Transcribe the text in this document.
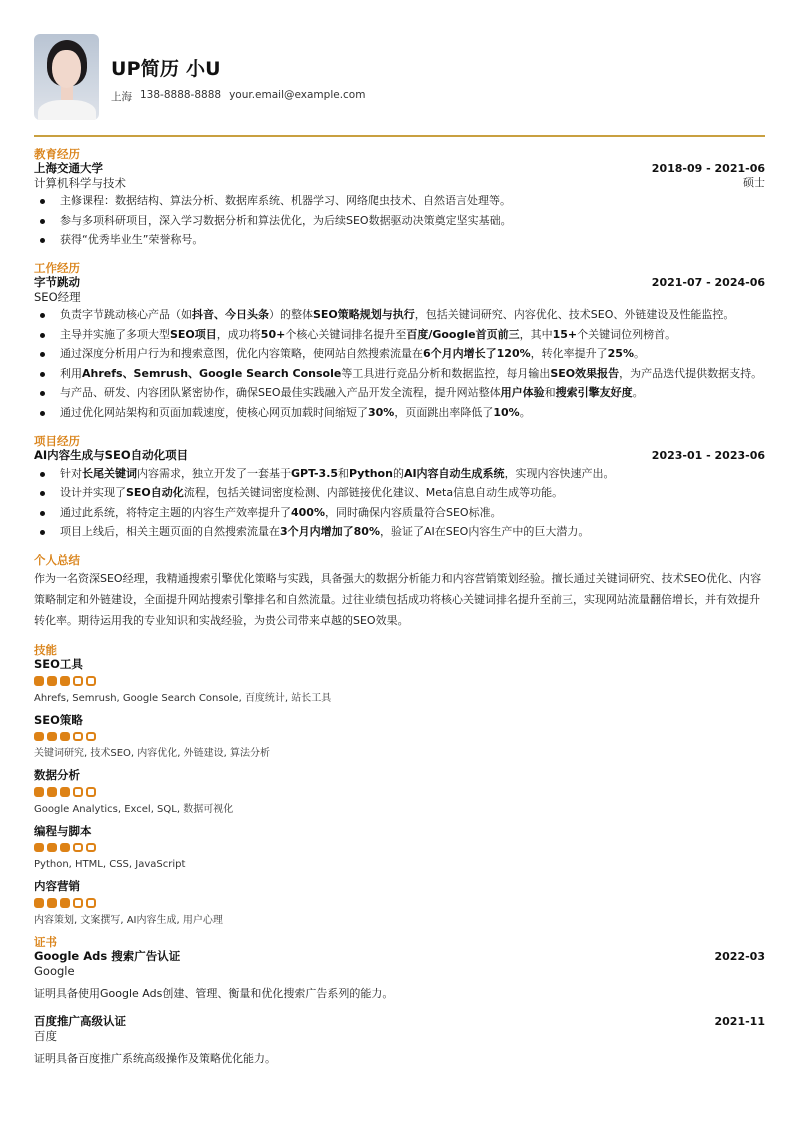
UP简历 小U
上海 138-8888-8888 your.email@example.com
教育经历
上海交通大学	2018-09 - 2021-06
计算机科学与技术	硕士
主修课程：数据结构、算法分析、数据库系统、机器学习、网络爬虫技术、自然语言处理等。
参与多项科研项目，深入学习数据分析和算法优化，为后续SEO数据驱动决策奠定坚实基础。
获得“优秀毕业生”荣誉称号。
工作经历
字节跳动	2021-07 - 2024-06
SEO经理
负责字节跳动核心产品（如抖音、今日头条）的整体SEO策略规划与执行，包括关键词研究、内容优化、技术SEO、外链建设及性能监控。
主导并实施了多项大型SEO项目，成功将50+个核心关键词排名提升至百度/Google首页前三，其中15+个关键词位列榜首。
通过深度分析用户行为和搜索意图，优化内容策略，使网站自然搜索流量在6个月内增长了120%，转化率提升了25%。
利用Ahrefs、Semrush、Google Search Console等工具进行竞品分析和数据监控，每月输出SEO效果报告，为产品迭代提供数据支持。
与产品、研发、内容团队紧密协作，确保SEO最佳实践融入产品开发全流程，提升网站整体用户体验和搜索引擎友好度。
通过优化网站架构和页面加载速度，使核心网页加载时间缩短了30%，页面跳出率降低了10%。
项目经历
AI内容生成与SEO自动化项目	2023-01 - 2023-06
针对长尾关键词内容需求，独立开发了一套基于GPT-3.5和Python的AI内容自动生成系统，实现内容快速产出。
设计并实现了SEO自动化流程，包括关键词密度检测、内部链接优化建议、Meta信息自动生成等功能。
通过此系统，将特定主题的内容生产效率提升了400%，同时确保内容质量符合SEO标准。
项目上线后，相关主题页面的自然搜索流量在3个月内增加了80%，验证了AI在SEO内容生产中的巨大潜力。
个人总结

作为一名资深SEO经理，我精通搜索引擎优化策略与实践，具备强大的数据分析能力和内容营销策划经验。擅长通过关键词研究、技术SEO优化、内容策略制定和外链建设，全面提升网站搜索引擎排名和自然流量。过往业绩包括成功将核心关键词排名提升至前三，实现网站流量翻倍增长，并有效提升转化率。期待运用我的专业知识和实战经验，为贵公司带来卓越的SEO效果。

技能
SEO工具
Ahrefs, Semrush, Google Search Console, 百度统计, 站长工具
SEO策略
关键词研究, 技术SEO, 内容优化, 外链建设, 算法分析
数据分析
Google Analytics, Excel, SQL, 数据可视化
编程与脚本
Python, HTML, CSS, JavaScript
内容营销
内容策划, 文案撰写, AI内容生成, 用户心理
证书
Google Ads 搜索广告认证	2022-03
Google
证明具备使用Google Ads创建、管理、衡量和优化搜索广告系列的能力。
百度推广高级认证	2021-11
百度
证明具备百度推广系统高级操作及策略优化能力。
